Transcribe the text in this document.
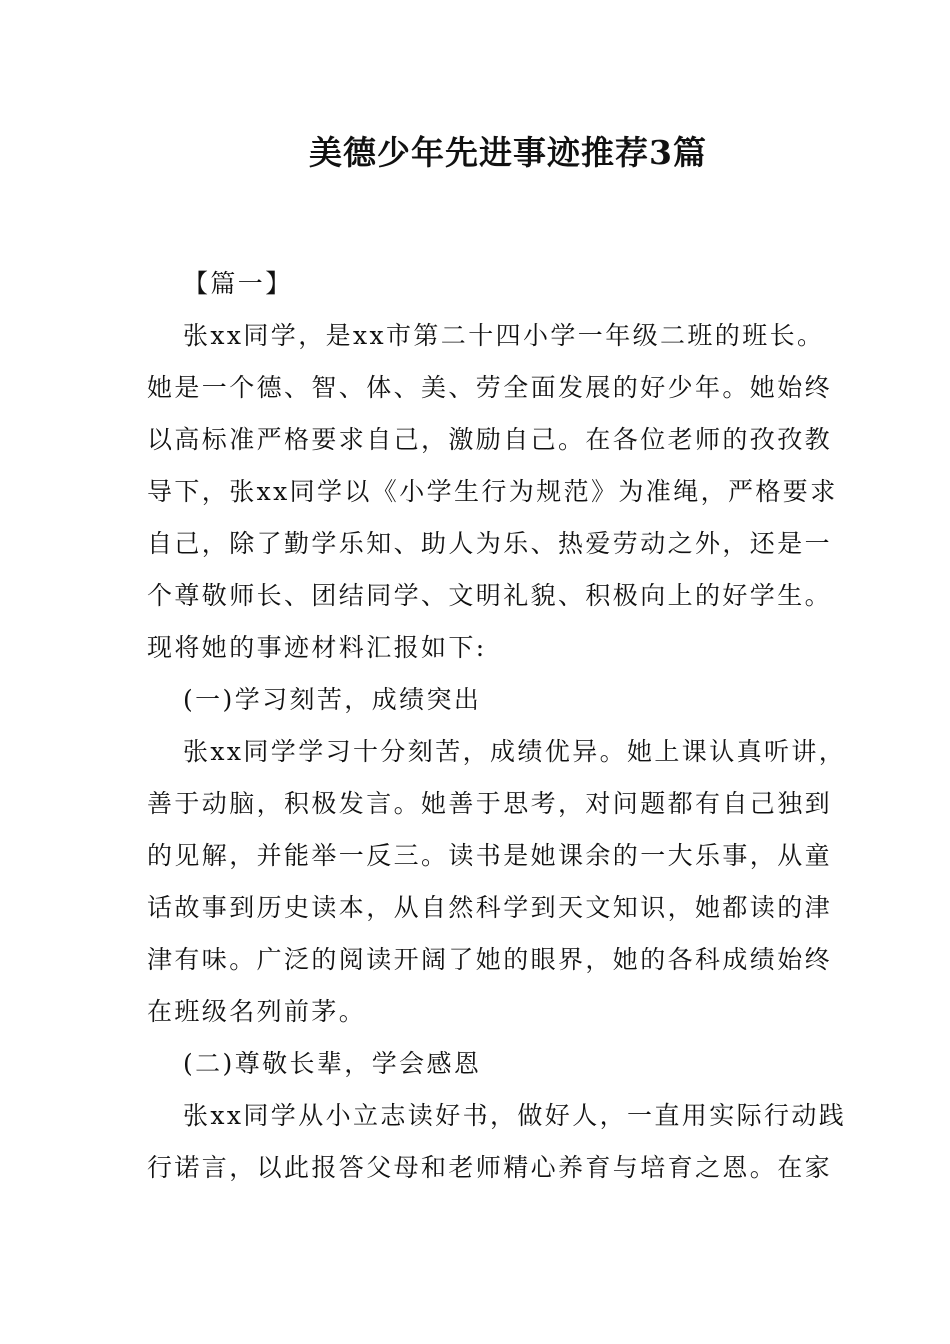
美德少年先进事迹推荐3篇
【篇一】
张xx同学，是xx市第二十四小学一年级二班的班长。
她是一个德、智、体、美、劳全面发展的好少年。她始终
以高标准严格要求自己，激励自己。在各位老师的孜孜教
导下，张xx同学以《小学生行为规范》为准绳，严格要求
自己，除了勤学乐知、助人为乐、热爱劳动之外，还是一
个尊敬师长、团结同学、文明礼貌、积极向上的好学生。
现将她的事迹材料汇报如下:
(一)学习刻苦，成绩突出
张xx同学学习十分刻苦，成绩优异。她上课认真听讲，
善于动脑，积极发言。她善于思考，对问题都有自己独到
的见解，并能举一反三。读书是她课余的一大乐事，从童
话故事到历史读本，从自然科学到天文知识，她都读的津
津有味。广泛的阅读开阔了她的眼界，她的各科成绩始终
在班级名列前茅。
(二)尊敬长辈，学会感恩
张xx同学从小立志读好书，做好人，一直用实际行动践
行诺言，以此报答父母和老师精心养育与培育之恩。在家
